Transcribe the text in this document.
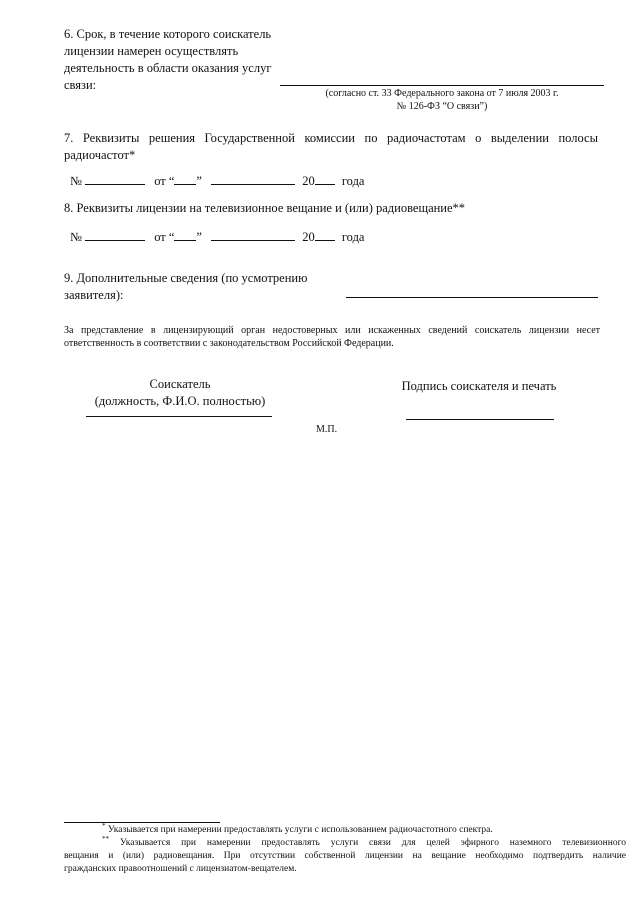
6. Срок, в течение которого соискатель
лицензии намерен осуществлять
деятельность в области оказания услуг
связи:
(согласно ст. 33 Федерального закона от 7 июля 2003 г.
№ 126-ФЗ “О связи”)
7. Реквизиты решения Государственной комиссии по радиочастотам о выделении полосы
радиочастот*
№	от “ ”	20 года
8. Реквизиты лицензии на телевизионное вещание и (или) радиовещание**
№	от “ ”	20 года
9. Дополнительные сведения (по усмотрению
заявителя):
За представление в лицензирующий орган недостоверных или искаженных сведений соискатель лицензии несет
ответственность в соответствии с законодательством Российской Федерации.
Соискатель
(должность, Ф.И.О. полностью)
Подпись соискателя и печать
М.П.
* Указывается при намерении предоставлять услуги с использованием радиочастотного спектра.
** Указывается при намерении предоставлять услуги связи для целей эфирного наземного телевизионного
вещания и (или) радиовещания. При отсутствии собственной лицензии на вещание необходимо подтвердить наличие
гражданских правоотношений с лицензиатом-вещателем.
